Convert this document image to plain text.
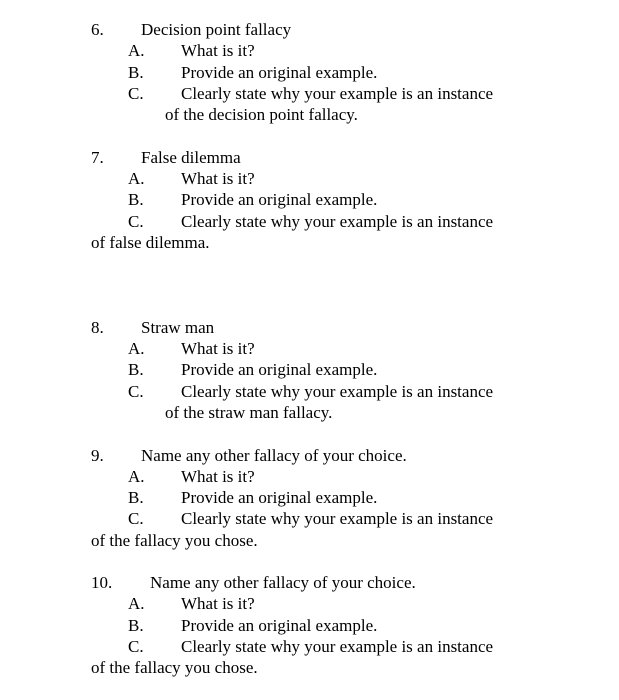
6. Decision point fallacy
A. What is it?
B. Provide an original example.
C. Clearly state why your example is an instance
of the decision point fallacy.
7. False dilemma
A. What is it?
B. Provide an original example.
C. Clearly state why your example is an instance
of false dilemma.
8. Straw man
A. What is it?
B. Provide an original example.
C. Clearly state why your example is an instance
of the straw man fallacy.
9. Name any other fallacy of your choice.
A. What is it?
B. Provide an original example.
C. Clearly state why your example is an instance
of the fallacy you chose.
10. Name any other fallacy of your choice.
A. What is it?
B. Provide an original example.
C. Clearly state why your example is an instance
of the fallacy you chose.
